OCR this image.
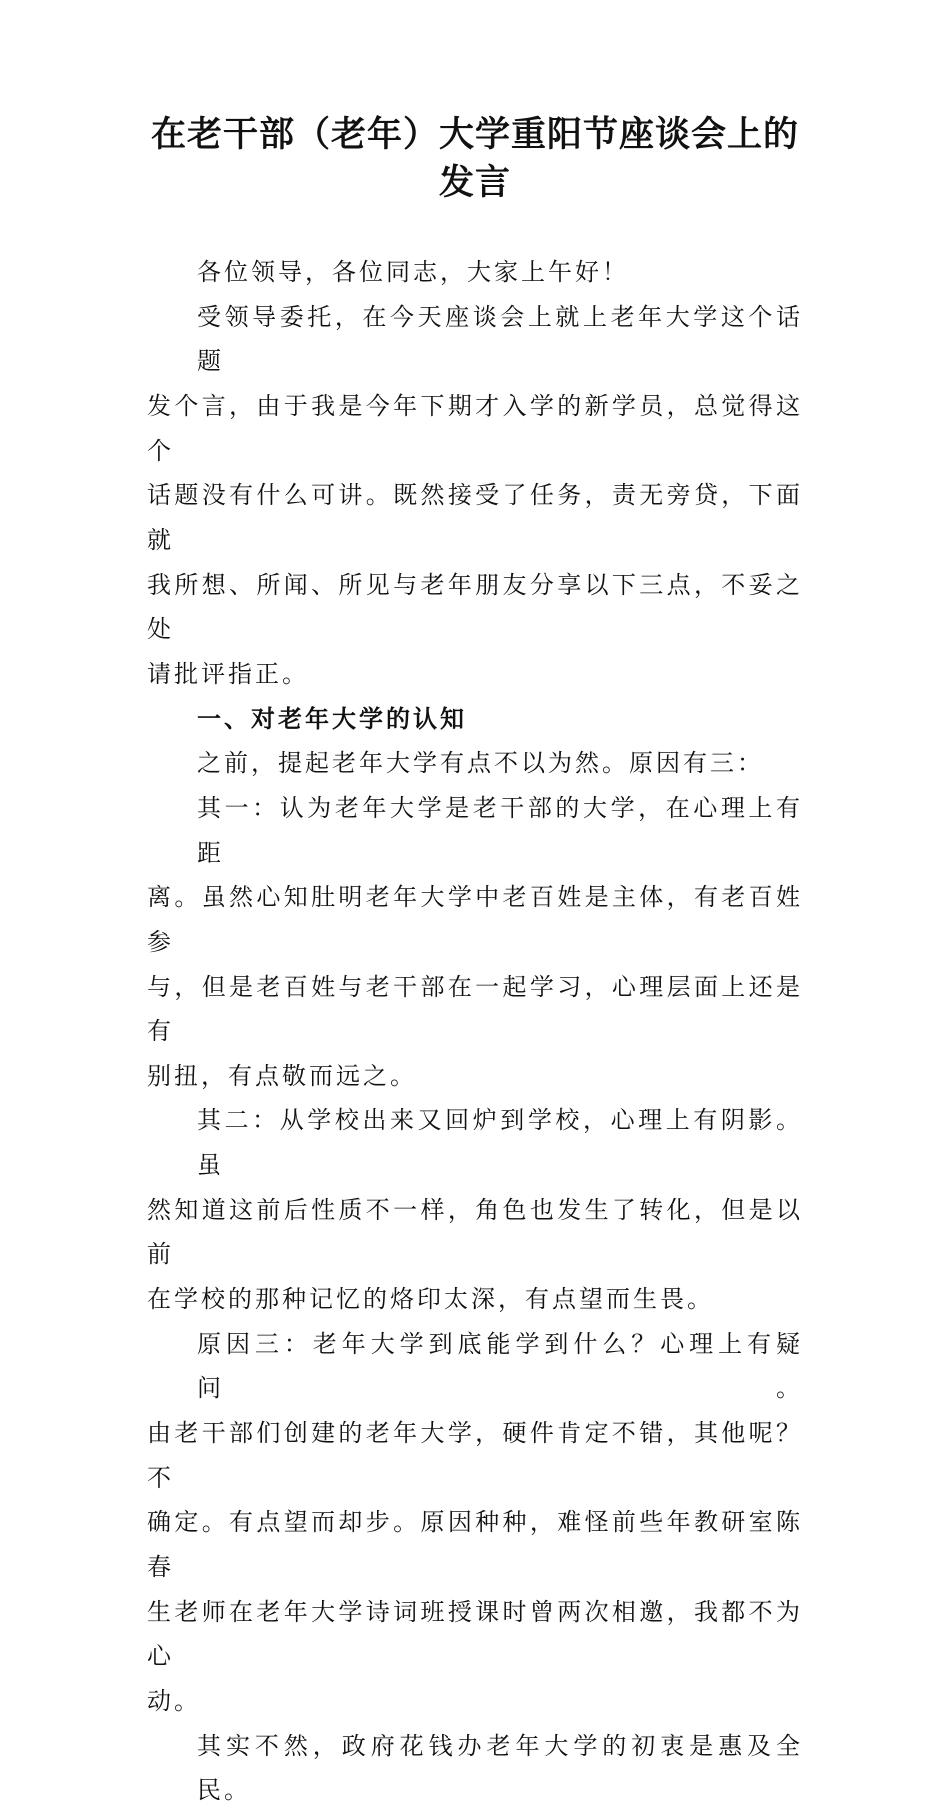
在老干部（老年）大学重阳节座谈会上的
发言
各位领导，各位同志，大家上午好！
受领导委托，在今天座谈会上就上老年大学这个话题
发个言，由于我是今年下期才入学的新学员，总觉得这个
话题没有什么可讲。既然接受了任务，责无旁贷，下面就
我所想、所闻、所见与老年朋友分享以下三点，不妥之处
请批评指正。
一、对老年大学的认知
之前，提起老年大学有点不以为然。原因有三：
其一：认为老年大学是老干部的大学，在心理上有距
离。虽然心知肚明老年大学中老百姓是主体，有老百姓参
与，但是老百姓与老干部在一起学习，心理层面上还是有
别扭，有点敬而远之。
其二：从学校出来又回炉到学校，心理上有阴影。虽
然知道这前后性质不一样，角色也发生了转化，但是以前
在学校的那种记忆的烙印太深，有点望而生畏。
原因三：老年大学到底能学到什么？心理上有疑问。
由老干部们创建的老年大学，硬件肯定不错，其他呢？不
确定。有点望而却步。原因种种，难怪前些年教研室陈春
生老师在老年大学诗词班授课时曾两次相邀，我都不为心
动。
其实不然，政府花钱办老年大学的初衷是惠及全民。
